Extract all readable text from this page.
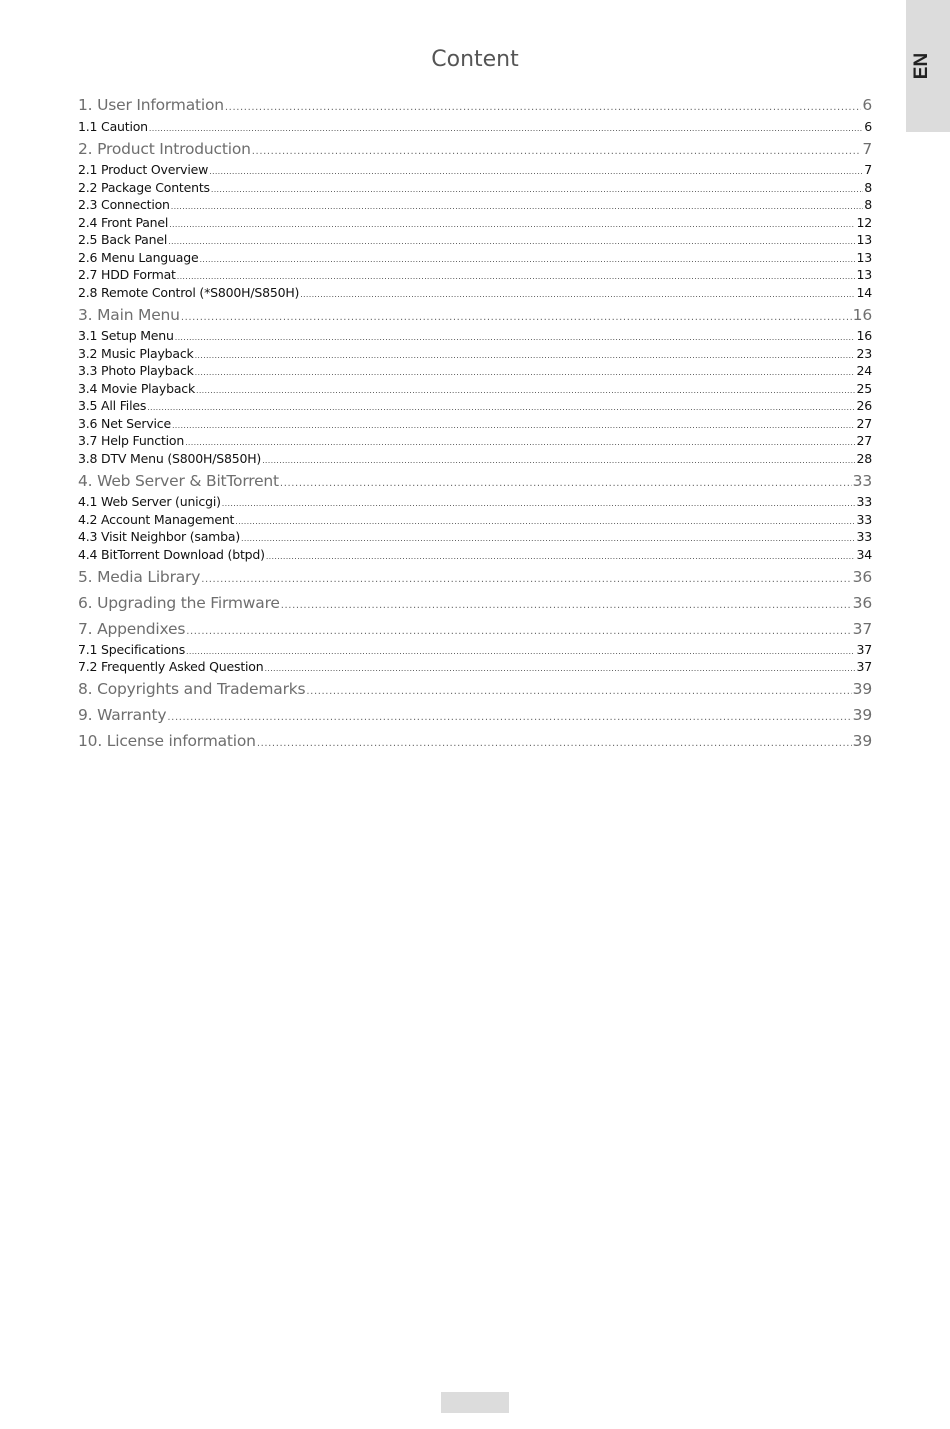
EN
Content
1. User Information .....	6
1.1 Caution .....	6
2. Product Introduction .....	7
2.1 Product Overview .....	7
2.2 Package Contents .....	8
2.3 Connection .....	8
2.4 Front Panel .....	12
2.5 Back Panel .....	13
2.6 Menu Language .....	13
2.7 HDD Format .....	13
2.8 Remote Control (*S800H/S850H) .....	14
3. Main Menu .....	16
3.1 Setup Menu .....	16
3.2 Music Playback .....	23
3.3 Photo Playback .....	24
3.4 Movie Playback .....	25
3.5 All Files .....	26
3.6 Net Service .....	27
3.7 Help Function .....	27
3.8 DTV Menu (S800H/S850H) .....	28
4. Web Server & BitTorrent .....	33
4.1 Web Server (unicgi) .....	33
4.2 Account Management .....	33
4.3 Visit Neighbor (samba) .....	33
4.4 BitTorrent Download (btpd) .....	34
5. Media Library .....	36
6. Upgrading the Firmware .....	36
7. Appendixes .....	37
7.1 Specifications .....	37
7.2 Frequently Asked Question .....	37
8. Copyrights and Trademarks .....	39
9. Warranty .....	39
10. License information .....	39
